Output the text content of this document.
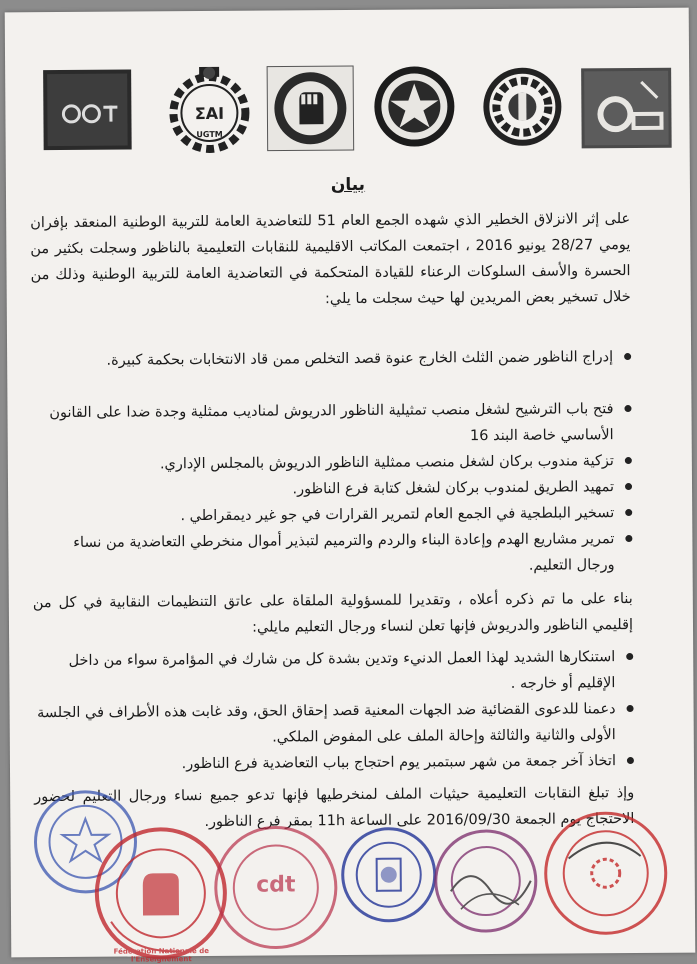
ΣΑΙ
UGTM
بيان
على إثر الانزلاق الخطير الذي شهده الجمع العام 51 للتعاضدية العامة للتربية الوطنية المنعقد بإفران يومي 28/27 يونيو 2016 ، اجتمعت المكاتب الاقليمية للنقابات التعليمية بالناظور وسجلت بكثير من الحسرة والأسف السلوكات الرعناء للقيادة المتحكمة في التعاضدية العامة للتربية الوطنية وذلك من خلال تسخير بعض المريدين لها حيث سجلت ما يلي:
إدراج الناظور ضمن الثلث الخارج عنوة قصد التخلص ممن قاد الانتخابات بحكمة كبيرة.
فتح باب الترشيح لشغل منصب تمثيلية الناظور الدريوش لمناديب ممثلية وجدة ضدا على القانون الأساسي خاصة البند 16
تزكية مندوب بركان لشغل منصب ممثلية الناظور الدريوش بالمجلس الإداري.
تمهيد الطريق لمندوب بركان لشغل كتابة فرع الناظور.
تسخير البلطجية في الجمع العام لتمرير القرارات في جو غير ديمقراطي .
تمرير مشاريع الهدم وإعادة البناء والردم والترميم لتبذير أموال منخرطي التعاضدية من نساء ورجال التعليم.
بناء على ما تم ذكره أعلاه ، وتقديرا للمسؤولية الملقاة على عاتق التنظيمات النقابية في كل من إقليمي الناظور والدريوش فإنها تعلن لنساء ورجال التعليم مايلي:
استنكارها الشديد لهذا العمل الدنيء وتدين بشدة كل من شارك في المؤامرة سواء من داخل الإقليم أو خارجه .
دعمنا للدعوى القضائية ضد الجهات المعنية قصد إحقاق الحق، وقد غابت هذه الأطراف في الجلسة الأولى والثانية والثالثة وإحالة الملف على المفوض الملكي.
اتخاذ آخر جمعة من شهر سبتمبر يوم احتجاج بباب التعاضدية فرع الناظور.
وإذ تبلغ النقابات التعليمية حيثيات الملف لمنخرطيها فإنها تدعو جميع نساء ورجال التعليم لحضور الاحتجاج يوم الجمعة 2016/09/30 على الساعة 11h بمقر فرع الناظور.
Fédération Nationale de l'Enseignement
cdt
